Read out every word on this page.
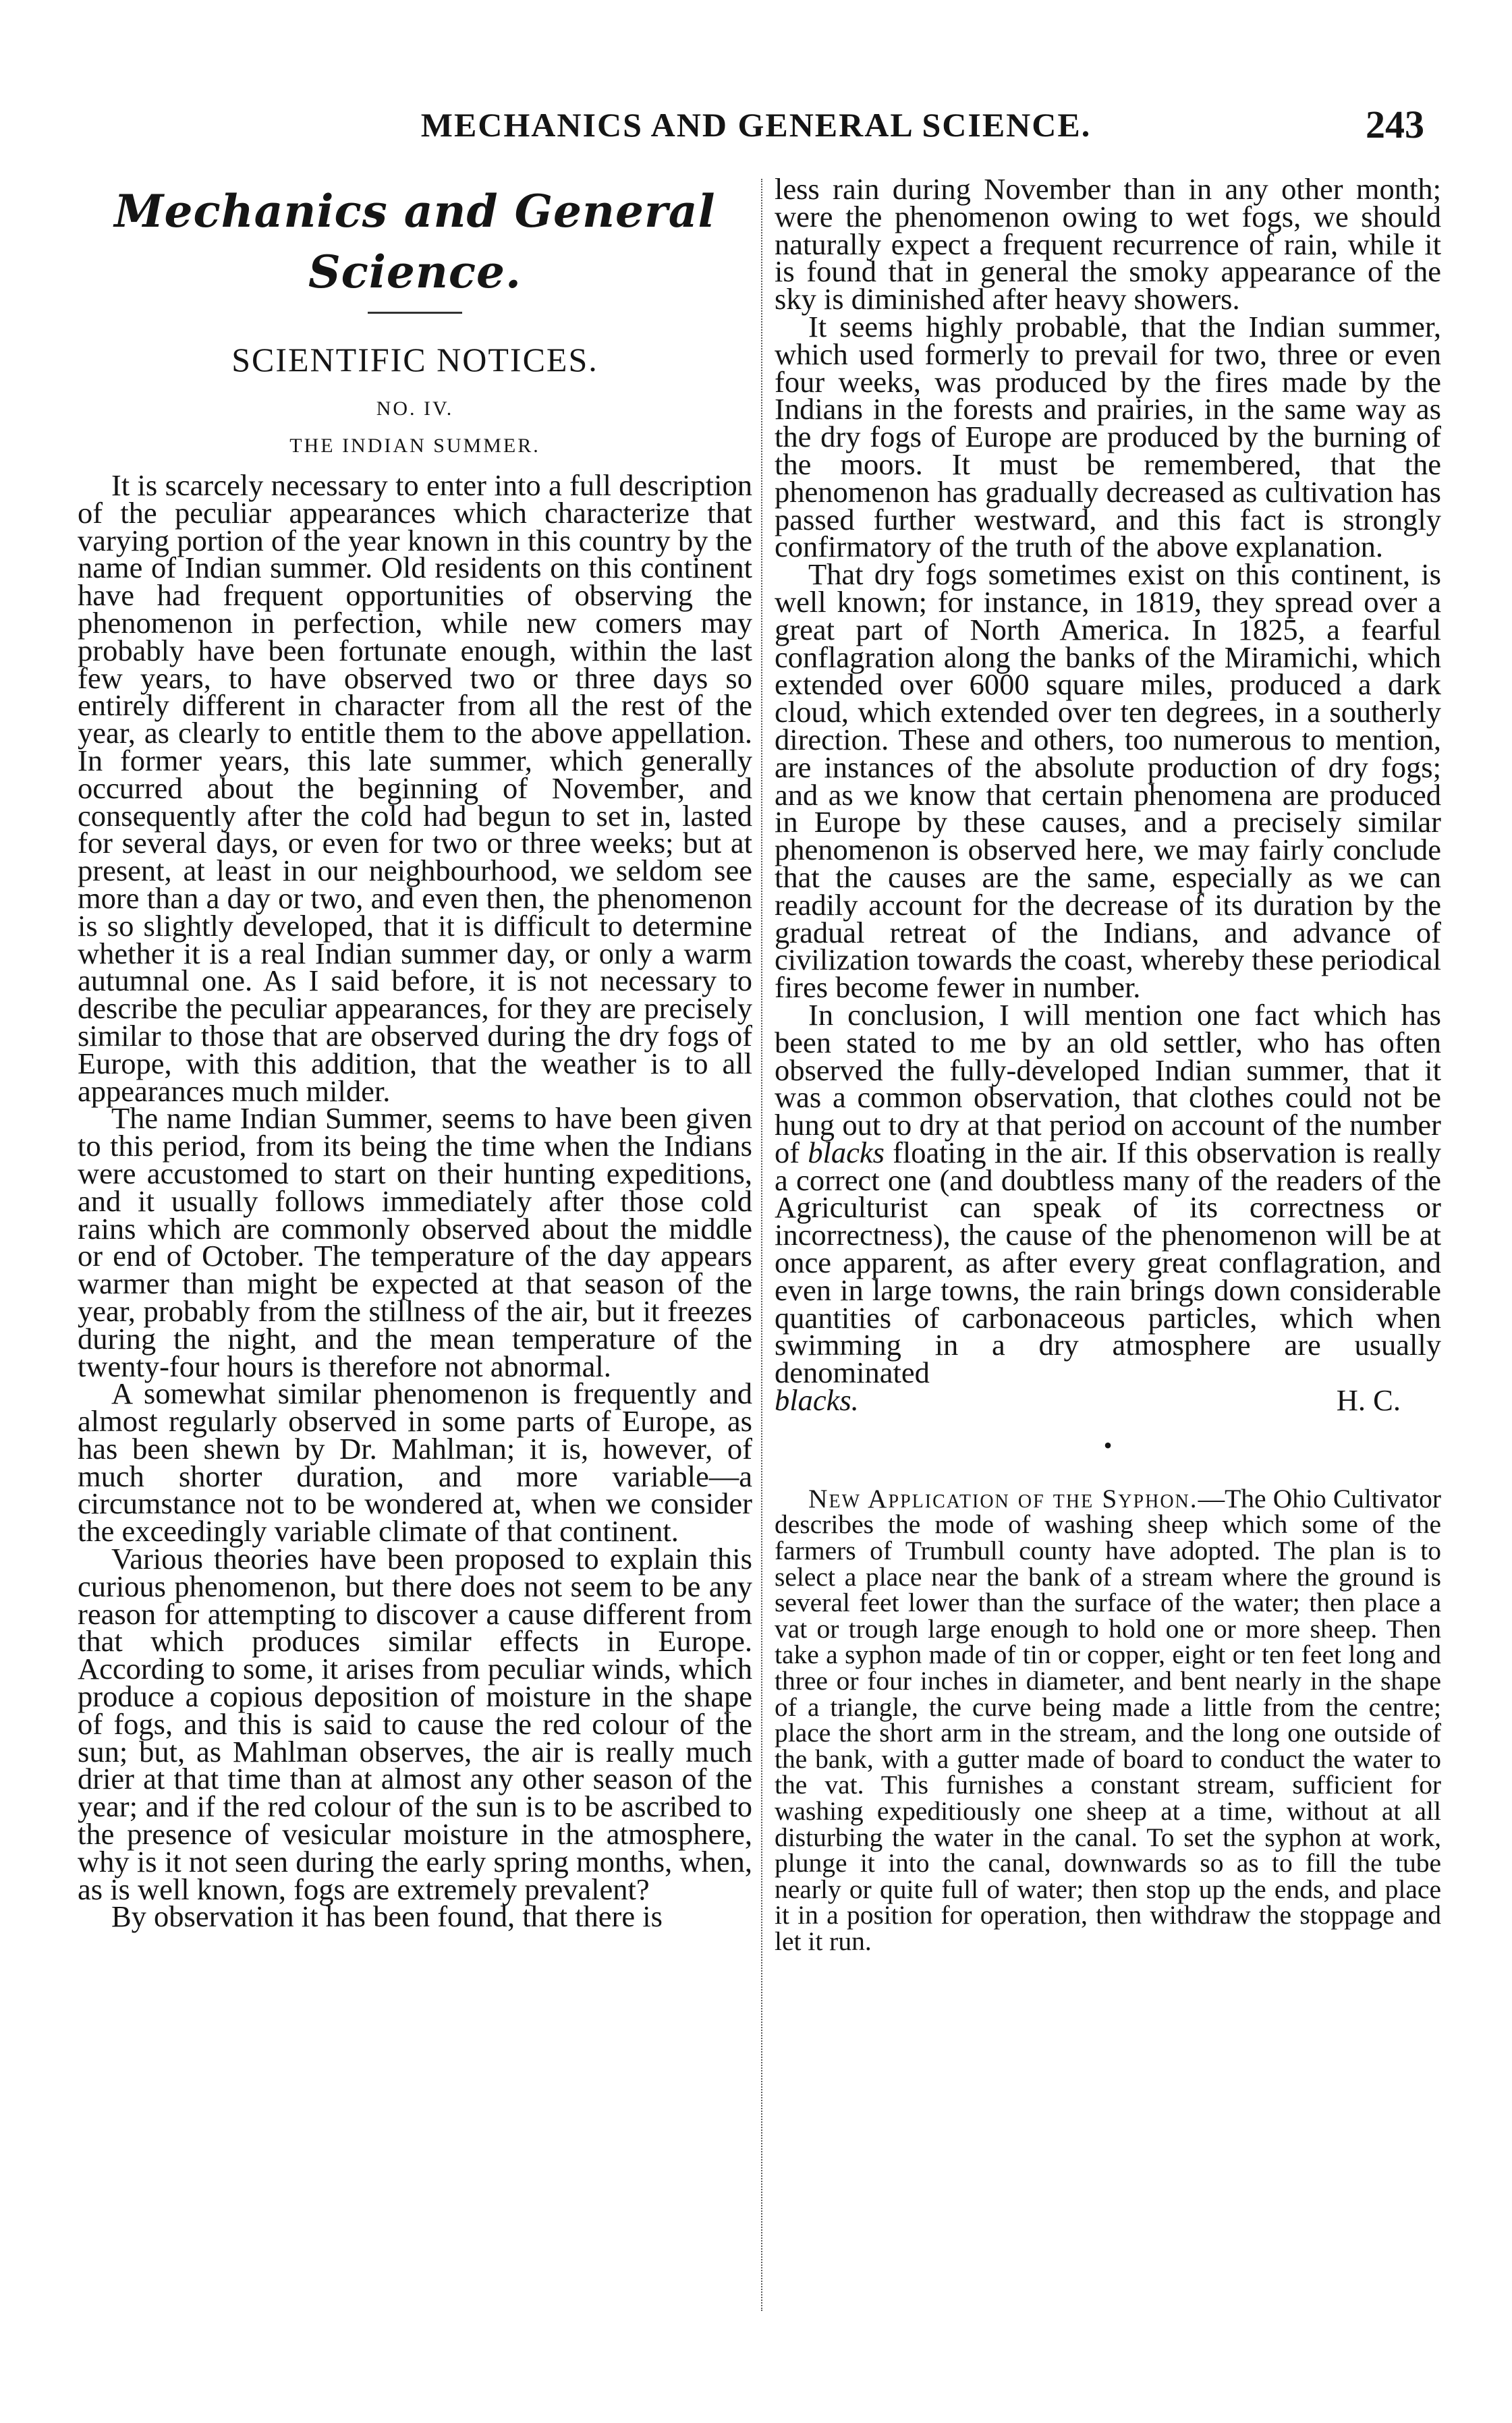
MECHANICS AND GENERAL SCIENCE.	243
Mechanics and General Science.
SCIENTIFIC NOTICES.
NO. IV.
THE INDIAN SUMMER.

It is scarcely necessary to enter into a full description of the peculiar appearances which characterize that varying portion of the year known in this country by the name of Indian summer. Old residents on this continent have had frequent opportunities of observing the phenomenon in perfection, while new comers may probably have been fortunate enough, within the last few years, to have observed two or three days so entirely different in character from all the rest of the year, as clearly to entitle them to the above appellation. In former years, this late summer, which generally occurred about the beginning of November, and consequently after the cold had begun to set in, lasted for several days, or even for two or three weeks; but at present, at least in our neighbourhood, we seldom see more than a day or two, and even then, the phenomenon is so slightly developed, that it is difficult to determine whether it is a real Indian summer day, or only a warm autumnal one. As I said before, it is not necessary to describe the peculiar appearances, for they are precisely similar to those that are observed during the dry fogs of Europe, with this addition, that the weather is to all appearances much milder.

The name Indian Summer, seems to have been given to this period, from its being the time when the Indians were accustomed to start on their hunting expeditions, and it usually follows immediately after those cold rains which are commonly observed about the middle or end of October. The temperature of the day appears warmer than might be expected at that season of the year, probably from the stillness of the air, but it freezes during the night, and the mean temperature of the twenty-four hours is therefore not abnormal.

A somewhat similar phenomenon is frequently and almost regularly observed in some parts of Europe, as has been shewn by Dr. Mahlman; it is, however, of much shorter duration, and more variable—a circumstance not to be wondered at, when we consider the exceedingly variable climate of that continent.

Various theories have been proposed to explain this curious phenomenon, but there does not seem to be any reason for attempting to discover a cause different from that which produces similar effects in Europe. According to some, it arises from peculiar winds, which produce a copious deposition of moisture in the shape of fogs, and this is said to cause the red colour of the sun; but, as Mahlman observes, the air is really much drier at that time than at almost any other season of the year; and if the red colour of the sun is to be ascribed to the presence of vesicular moisture in the atmosphere, why is it not seen during the early spring months, when, as is well known, fogs are extremely prevalent?

By observation it has been found, that there is

less rain during November than in any other month; were the phenomenon owing to wet fogs, we should naturally expect a frequent recurrence of rain, while it is found that in general the smoky appearance of the sky is diminished after heavy showers.

It seems highly probable, that the Indian summer, which used formerly to prevail for two, three or even four weeks, was produced by the fires made by the Indians in the forests and prairies, in the same way as the dry fogs of Europe are produced by the burning of the moors. It must be remembered, that the phenomenon has gradually decreased as cultivation has passed further westward, and this fact is strongly confirmatory of the truth of the above explanation.

That dry fogs sometimes exist on this continent, is well known; for instance, in 1819, they spread over a great part of North America. In 1825, a fearful conflagration along the banks of the Miramichi, which extended over 6000 square miles, produced a dark cloud, which extended over ten degrees, in a southerly direction. These and others, too numerous to mention, are instances of the absolute production of dry fogs; and as we know that certain phenomena are produced in Europe by these causes, and a precisely similar phenomenon is observed here, we may fairly conclude that the causes are the same, especially as we can readily account for the decrease of its duration by the gradual retreat of the Indians, and advance of civilization towards the coast, whereby these periodical fires become fewer in number.

In conclusion, I will mention one fact which has been stated to me by an old settler, who has often observed the fully-developed Indian summer, that it was a common observation, that clothes could not be hung out to dry at that period on account of the number of blacks floating in the air. If this observation is really a correct one (and doubtless many of the readers of the Agriculturist can speak of its correctness or incorrectness), the cause of the phenomenon will be at once apparent, as after every great conflagration, and even in large towns, the rain brings down considerable quantities of carbonaceous particles, which when swimming in a dry atmosphere are usually denominated

blacks.	H. C.
•

New Application of the Syphon.—The Ohio Cultivator describes the mode of washing sheep which some of the farmers of Trumbull county have adopted. The plan is to select a place near the bank of a stream where the ground is several feet lower than the surface of the water; then place a vat or trough large enough to hold one or more sheep. Then take a syphon made of tin or copper, eight or ten feet long and three or four inches in diameter, and bent nearly in the shape of a triangle, the curve being made a little from the centre; place the short arm in the stream, and the long one outside of the bank, with a gutter made of board to conduct the water to the vat. This furnishes a constant stream, sufficient for washing expeditiously one sheep at a time, without at all disturbing the water in the canal. To set the syphon at work, plunge it into the canal, downwards so as to fill the tube nearly or quite full of water; then stop up the ends, and place it in a position for operation, then withdraw the stoppage and let it run.
